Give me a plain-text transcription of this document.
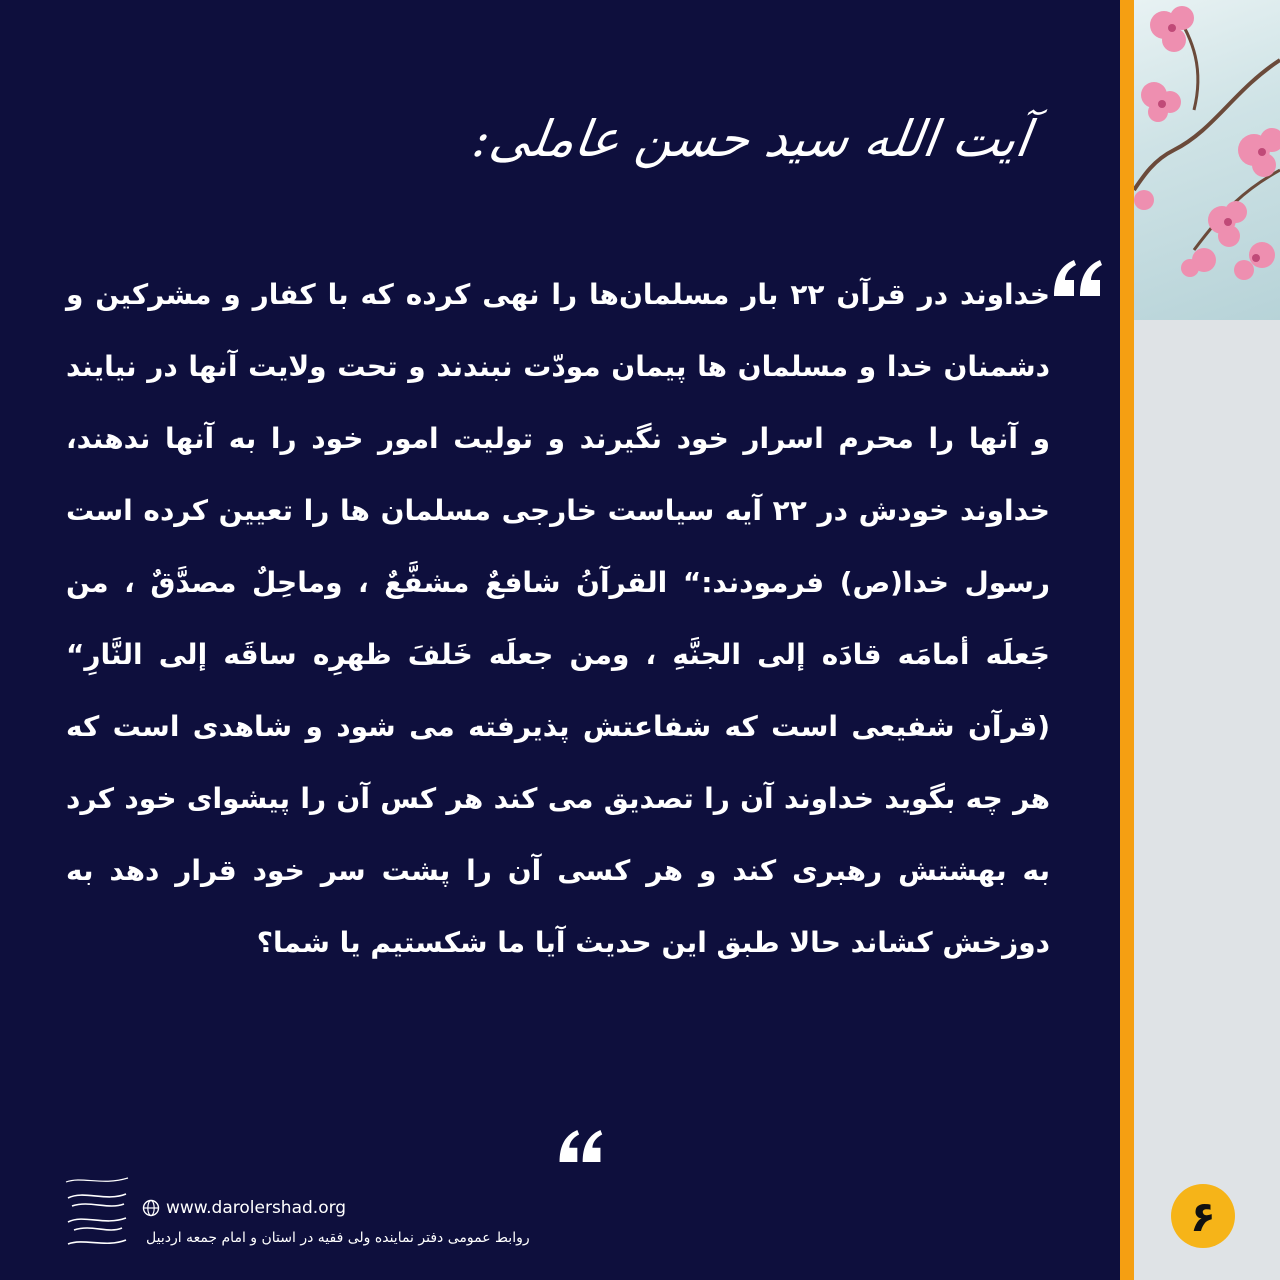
آیت الله سید حسن عاملی:
خداوند در قرآن ۲۲ بار مسلمان‌ها را نهی کرده که با کفار و مشرکین و دشمنان خدا و مسلمان ها پیمان مودّت نبندند و تحت ولایت آنها در نیایند و آنها را محرم اسرار خود نگیرند و تولیت امور خود را به آنها ندهند، خداوند خودش در ۲۲ آیه سیاست خارجی مسلمان ها را تعیین کرده است رسول خدا(ص) فرمودند:“ القرآنُ شافعٌ مشفَّعٌ ، وماحِلٌ مصدَّقٌ ، من جَعلَه أمامَه قادَه إلی الجنَّهِ ، ومن جعلَه خَلفَ ظهرِه ساقَه إلی النَّارِ“ (قرآن شفیعی است که شفاعتش پذیرفته می شود و شاهدی است که هر چه بگوید خداوند آن را تصدیق می کند هر کس آن را پیشوای خود کرد به بهشتش رهبری کند و هر کسی آن را پشت سر خود قرار دهد به دوزخش کشاند حالا طبق این حدیث آیا ما شکستیم یا شما؟
www.darolershad.org
روابط عمومی دفتر نماینده ولی فقیه در استان و امام جمعه اردبیل	۶
